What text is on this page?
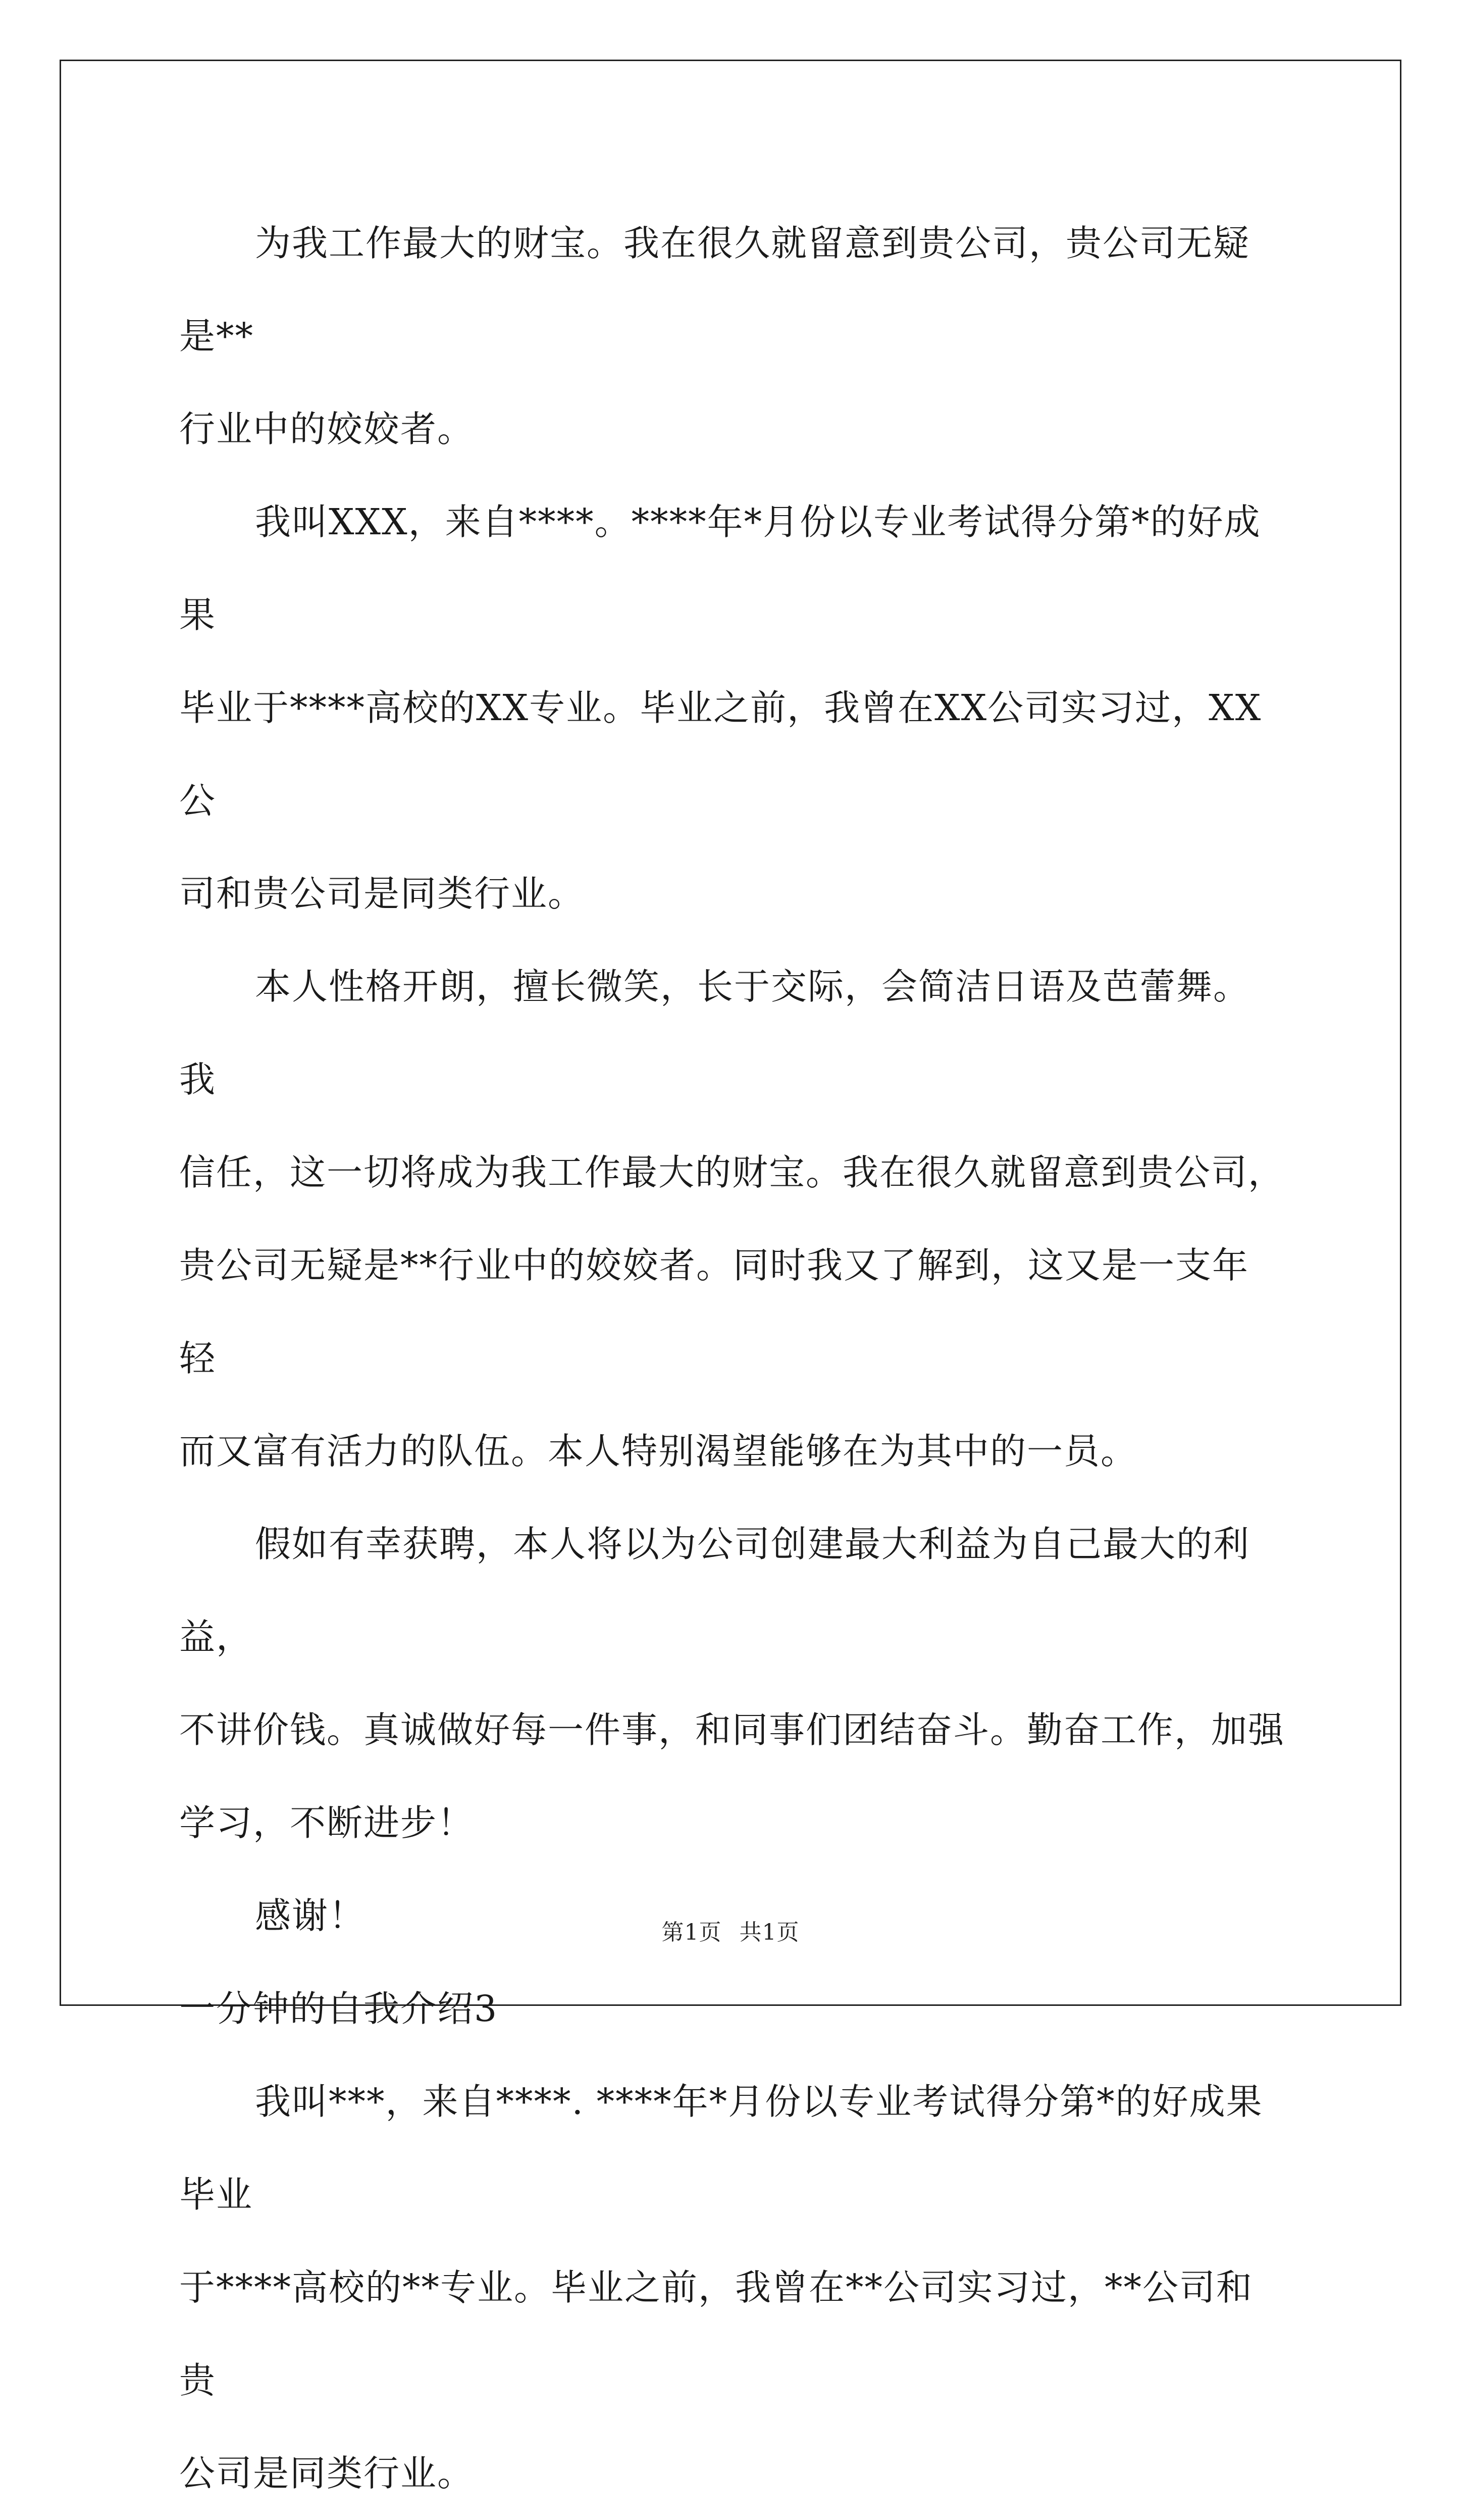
为我工作最大的财宝。我在很久就留意到贵公司，贵公司无疑是**
行业中的姣姣者。

我叫XXX，来自****。****年*月份以专业考试得分第*的好成果
毕业于****高校的XX专业。毕业之前，我曾在XX公司实习过，XX公
司和贵公司是同类行业。

本人性格开朗，擅长微笑，长于交际，会简洁日语及芭蕾舞。我
信任，这一切将成为我工作最大的财宝。我在很久就留意到贵公司，
贵公司无疑是**行业中的姣姣者。同时我又了解到，这又是一支年轻
而又富有活力的队伍。本人特别渴望能够在为其中的一员。

假如有幸获聘，本人将以为公司创建最大利益为自己最大的利益，
不讲价钱。真诚做好每一件事，和同事们团结奋斗。勤奋工作，加强
学习，不断进步！

感谢！

一分钟的自我介绍3

我叫***，来自****. ****年*月份以专业考试得分第*的好成果毕业
于****高校的**专业。毕业之前，我曾在**公司实习过，**公司和贵
公司是同类行业。

第1页 共1页
